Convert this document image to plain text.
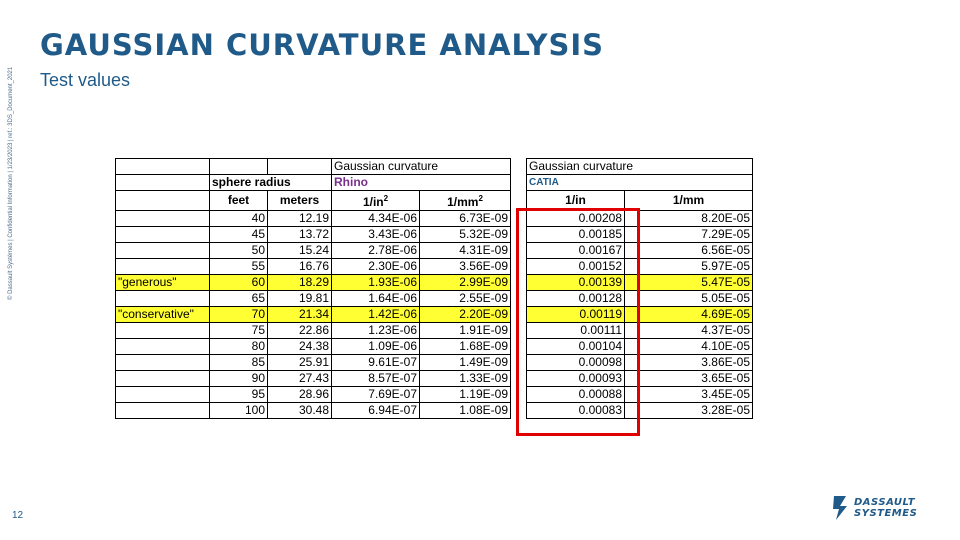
GAUSSIAN CURVATURE ANALYSIS
Test values
© Dassault Systèmes | Confidential Information | 1/23/2023 | ref.: 3DS_Document_2021
12
DASSAULT
SYSTEMES
			Gaussian curvature			Gaussian curvature	
	sphere radius		Rhino			CATIA	
	feet	meters	$1/in^2$	$1/mm^2$		1/in	1/mm
	40	12.19	4.34E-06	6.73E-09		0.00208	8.20E-05
	45	13.72	3.43E-06	5.32E-09		0.00185	7.29E-05
	50	15.24	2.78E-06	4.31E-09		0.00167	6.56E-05
	55	16.76	2.30E-06	3.56E-09		0.00152	5.97E-05
"generous"	60	18.29	1.93E-06	2.99E-09		0.00139	5.47E-05
	65	19.81	1.64E-06	2.55E-09		0.00128	5.05E-05
"conservative"	70	21.34	1.42E-06	2.20E-09		0.00119	4.69E-05
	75	22.86	1.23E-06	1.91E-09		0.00111	4.37E-05
	80	24.38	1.09E-06	1.68E-09		0.00104	4.10E-05
	85	25.91	9.61E-07	1.49E-09		0.00098	3.86E-05
	90	27.43	8.57E-07	1.33E-09		0.00093	3.65E-05
	95	28.96	7.69E-07	1.19E-09		0.00088	3.45E-05
	100	30.48	6.94E-07	1.08E-09		0.00083	3.28E-05
